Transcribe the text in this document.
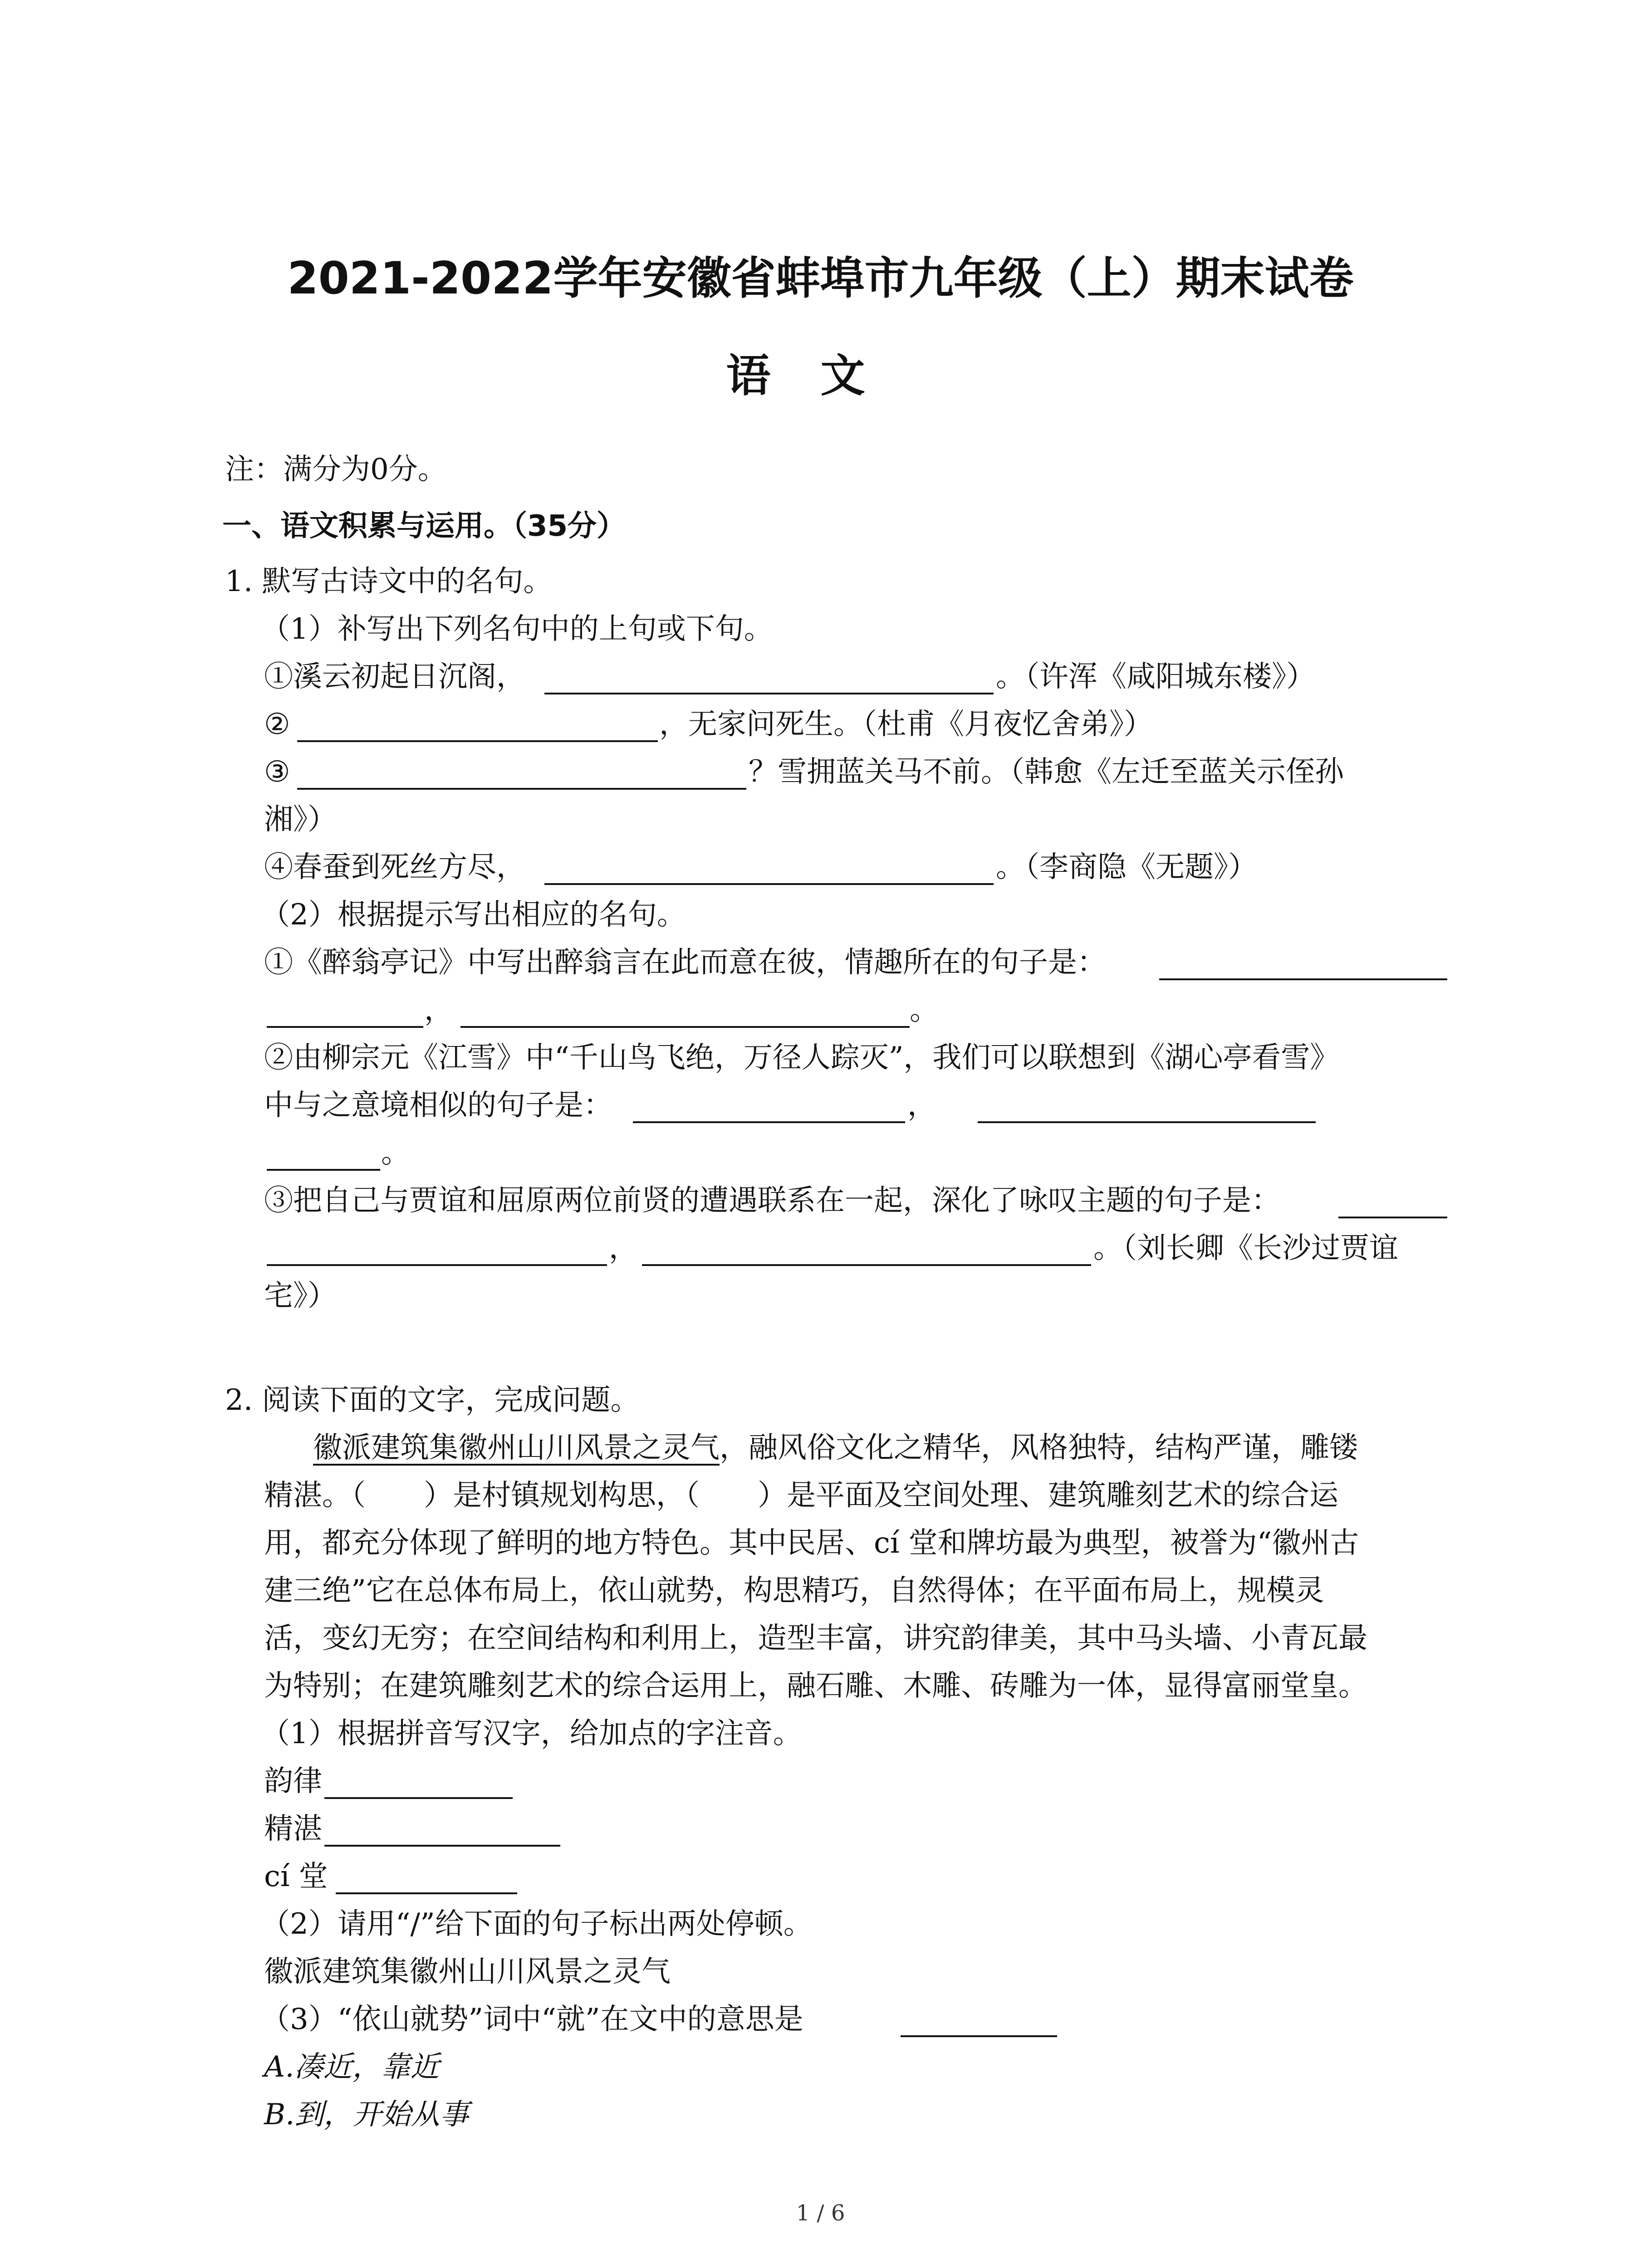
2021-2022学年安徽省蚌埠市九年级（上）期末试卷
语文
注：满分为0分。
一、语文积累与运用。（35分）
1. 默写古诗文中的名句。
（1）补写出下列名句中的上句或下句。
①溪云初起日沉阁，	。（许浑《咸阳城东楼》）
②	，无家问死生。（杜甫《月夜忆舍弟》）
③	？雪拥蓝关马不前。（韩愈《左迁至蓝关示侄孙
湘》）
④春蚕到死丝方尽，	。（李商隐《无题》）
（2）根据提示写出相应的名句。
①《醉翁亭记》中写出醉翁言在此而意在彼，情趣所在的句子是：
，	。
②由柳宗元《江雪》中“千山鸟飞绝，万径人踪灭”，我们可以联想到《湖心亭看雪》
中与之意境相似的句子是：	，
。
③把自己与贾谊和屈原两位前贤的遭遇联系在一起，深化了咏叹主题的句子是：
，	。（刘长卿《长沙过贾谊
宅》）
2. 阅读下面的文字，完成问题。
徽派建筑集徽州山川风景之灵气，融风俗文化之精华，风格独特，结构严谨，雕镂
精湛。（　　）是村镇规划构思，（　　）是平面及空间处理、建筑雕刻艺术的综合运
用，都充分体现了鲜明的地方特色。其中民居、cí 堂和牌坊最为典型，被誉为“徽州古
建三绝”它在总体布局上，依山就势，构思精巧，自然得体；在平面布局上，规模灵
活，变幻无穷；在空间结构和利用上，造型丰富，讲究韵律美，其中马头墙、小青瓦最
为特别；在建筑雕刻艺术的综合运用上，融石雕、木雕、砖雕为一体，显得富丽堂皇。
（1）根据拼音写汉字，给加点的字注音。
韵律
精湛
cí 堂
（2）请用“/”给下面的句子标出两处停顿。
徽派建筑集徽州山川风景之灵气
（3）“依山就势”词中“就”在文中的意思是
A.凑近，靠近
B.到，开始从事
1 / 6
